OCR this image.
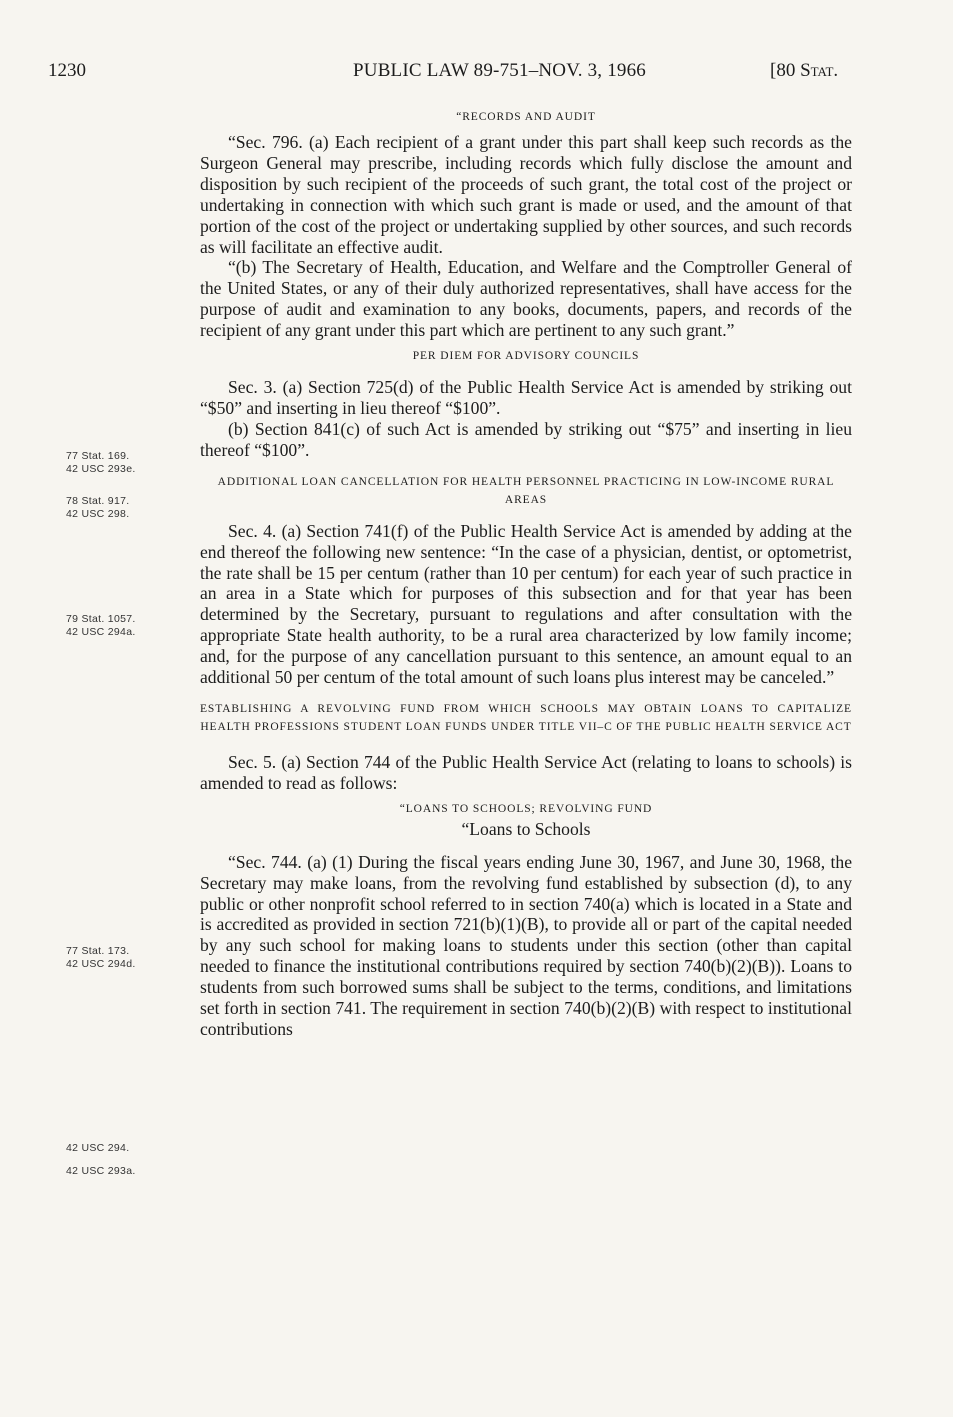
1230	PUBLIC LAW 89-751–NOV. 3, 1966	[80 Stat.
77 Stat. 169.
42 USC 293e.
78 Stat. 917.
42 USC 298.
79 Stat. 1057.
42 USC 294a.
77 Stat. 173.
42 USC 294d.
42 USC 294.
42 USC 293a.
“RECORDS AND AUDIT

“Sec. 796. (a) Each recipient of a grant under this part shall keep such records as the Surgeon General may prescribe, including records which fully disclose the amount and disposition by such recipient of the proceeds of such grant, the total cost of the project or undertaking in connection with which such grant is made or used, and the amount of that portion of the cost of the project or undertaking supplied by other sources, and such records as will facilitate an effective audit.

“(b) The Secretary of Health, Education, and Welfare and the Comptroller General of the United States, or any of their duly authorized representatives, shall have access for the purpose of audit and examination to any books, documents, papers, and records of the recipient of any grant under this part which are pertinent to any such grant.”

PER DIEM FOR ADVISORY COUNCILS

Sec. 3. (a) Section 725(d) of the Public Health Service Act is amended by striking out “$50” and inserting in lieu thereof “$100”.

(b) Section 841(c) of such Act is amended by striking out “$75” and inserting in lieu thereof “$100”.

ADDITIONAL LOAN CANCELLATION FOR HEALTH PERSONNEL PRACTICING IN LOW-INCOME RURAL AREAS

Sec. 4. (a) Section 741(f) of the Public Health Service Act is amended by adding at the end thereof the following new sentence: “In the case of a physician, dentist, or optometrist, the rate shall be 15 per centum (rather than 10 per centum) for each year of such practice in an area in a State which for purposes of this subsection and for that year has been determined by the Secretary, pursuant to regulations and after consultation with the appropriate State health authority, to be a rural area characterized by low family income; and, for the purpose of any cancellation pursuant to this sentence, an amount equal to an additional 50 per centum of the total amount of such loans plus interest may be canceled.”

ESTABLISHING A REVOLVING FUND FROM WHICH SCHOOLS MAY OBTAIN LOANS TO CAPITALIZE HEALTH PROFESSIONS STUDENT LOAN FUNDS UNDER TITLE VII–C OF THE PUBLIC HEALTH SERVICE ACT

Sec. 5. (a) Section 744 of the Public Health Service Act (relating to loans to schools) is amended to read as follows:

“LOANS TO SCHOOLS; REVOLVING FUND
“Loans to Schools

“Sec. 744. (a) (1) During the fiscal years ending June 30, 1967, and June 30, 1968, the Secretary may make loans, from the revolving fund established by subsection (d), to any public or other nonprofit school referred to in section 740(a) which is located in a State and is accredited as provided in section 721(b)(1)(B), to provide all or part of the capital needed by any such school for making loans to students under this section (other than capital needed to finance the institutional contributions required by section 740(b)(2)(B)). Loans to students from such borrowed sums shall be subject to the terms, conditions, and limitations set forth in section 741. The requirement in section 740(b)(2)(B) with respect to institutional contributions
